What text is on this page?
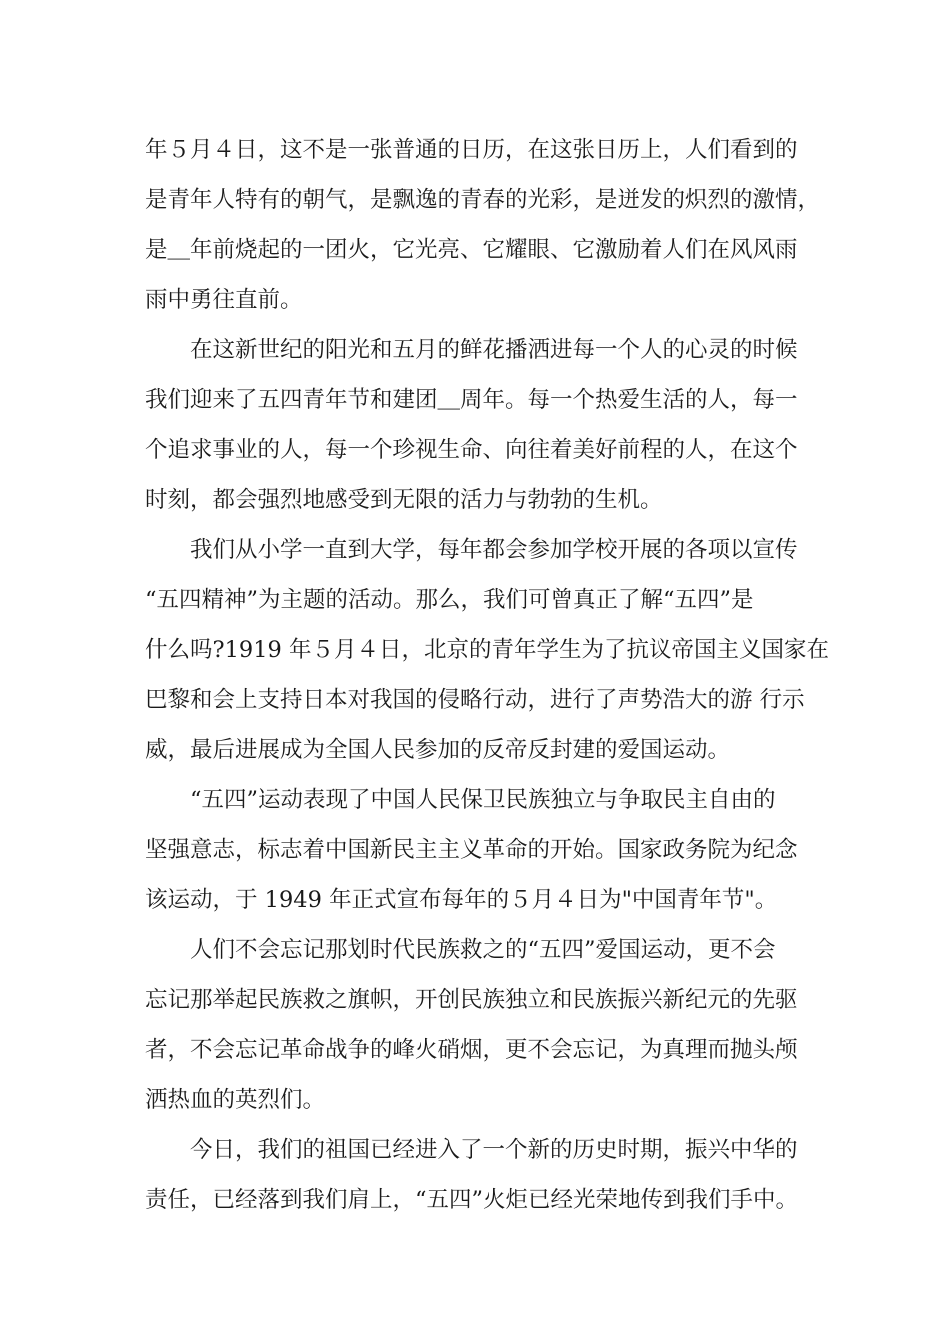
年５月４日，这不是一张普通的日历，在这张日历上，人们看到的
是青年人特有的朝气，是飘逸的青春的光彩，是迸发的炽烈的激情，
是＿年前烧起的一团火，它光亮、它耀眼、它激励着人们在风风雨
雨中勇往直前。
在这新世纪的阳光和五月的鲜花播洒进每一个人的心灵的时候
我们迎来了五四青年节和建团＿周年。每一个热爱生活的人，每一
个追求事业的人，每一个珍视生命、向往着美好前程的人，在这个
时刻，都会强烈地感受到无限的活力与勃勃的生机。
我们从小学一直到大学，每年都会参加学校开展的各项以宣传
“五四精神”为主题的活动。那么，我们可曾真正了解“五四”是
什么吗?1919 年５月４日，北京的青年学生为了抗议帝国主义国家在
巴黎和会上支持日本对我国的侵略行动，进行了声势浩大的游 行示
威，最后进展成为全国人民参加的反帝反封建的爱国运动。
“五四”运动表现了中国人民保卫民族独立与争取民主自由的
坚强意志，标志着中国新民主主义革命的开始。国家政务院为纪念
该运动，于 1949 年正式宣布每年的５月４日为"中国青年节"。
人们不会忘记那划时代民族救之的“五四”爱国运动，更不会
忘记那举起民族救之旗帜，开创民族独立和民族振兴新纪元的先驱
者，不会忘记革命战争的峰火硝烟，更不会忘记，为真理而抛头颅
洒热血的英烈们。
今日，我们的祖国已经进入了一个新的历史时期，振兴中华的
责任，已经落到我们肩上，“五四”火炬已经光荣地传到我们手中。
